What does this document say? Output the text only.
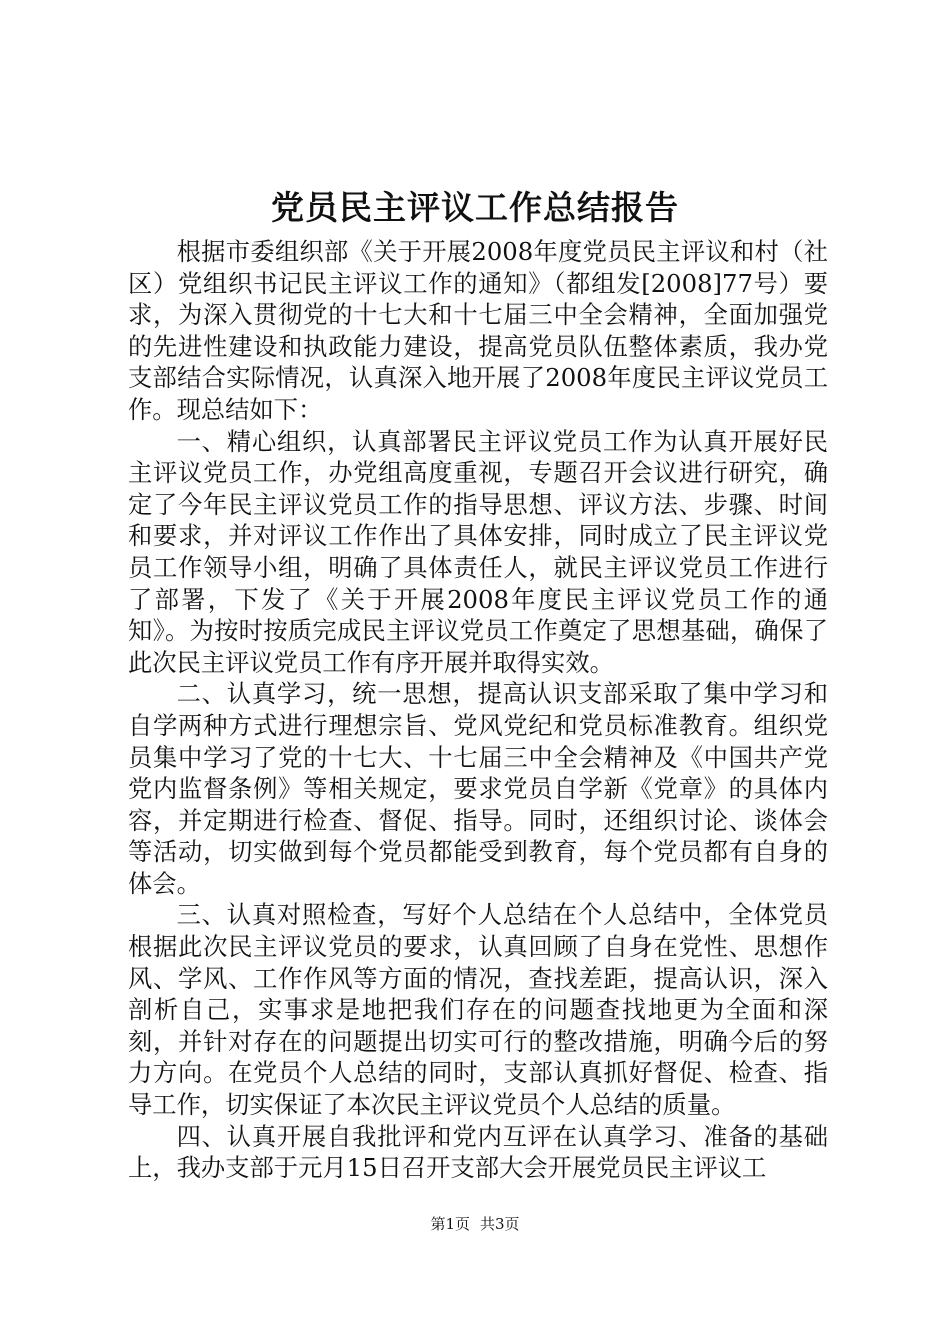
党员民主评议工作总结报告

根据市委组织部《关于开展2008年度党员民主评议和村（社区）党组织书记民主评议工作的通知》（都组发[2008]77号）要求，为深入贯彻党的十七大和十七届三中全会精神，全面加强党的先进性建设和执政能力建设，提高党员队伍整体素质，我办党支部结合实际情况，认真深入地开展了2008年度民主评议党员工作。现总结如下：

一、精心组织，认真部署民主评议党员工作为认真开展好民主评议党员工作，办党组高度重视，专题召开会议进行研究，确定了今年民主评议党员工作的指导思想、评议方法、步骤、时间和要求，并对评议工作作出了具体安排，同时成立了民主评议党员工作领导小组，明确了具体责任人，就民主评议党员工作进行了部署，下发了《关于开展2008年度民主评议党员工作的通知》。为按时按质完成民主评议党员工作奠定了思想基础，确保了此次民主评议党员工作有序开展并取得实效。

二、认真学习，统一思想，提高认识支部采取了集中学习和自学两种方式进行理想宗旨、党风党纪和党员标准教育。组织党员集中学习了党的十七大、十七届三中全会精神及《中国共产党党内监督条例》等相关规定，要求党员自学新《党章》的具体内容，并定期进行检查、督促、指导。同时，还组织讨论、谈体会等活动，切实做到每个党员都能受到教育，每个党员都有自身的体会。

三、认真对照检查，写好个人总结在个人总结中，全体党员根据此次民主评议党员的要求，认真回顾了自身在党性、思想作风、学风、工作作风等方面的情况，查找差距，提高认识，深入剖析自己，实事求是地把我们存在的问题查找地更为全面和深刻，并针对存在的问题提出切实可行的整改措施，明确今后的努力方向。在党员个人总结的同时，支部认真抓好督促、检查、指导工作，切实保证了本次民主评议党员个人总结的质量。

四、认真开展自我批评和党内互评在认真学习、准备的基础上，我办支部于元月15日召开支部大会开展党员民主评议工

第1页 共3页
